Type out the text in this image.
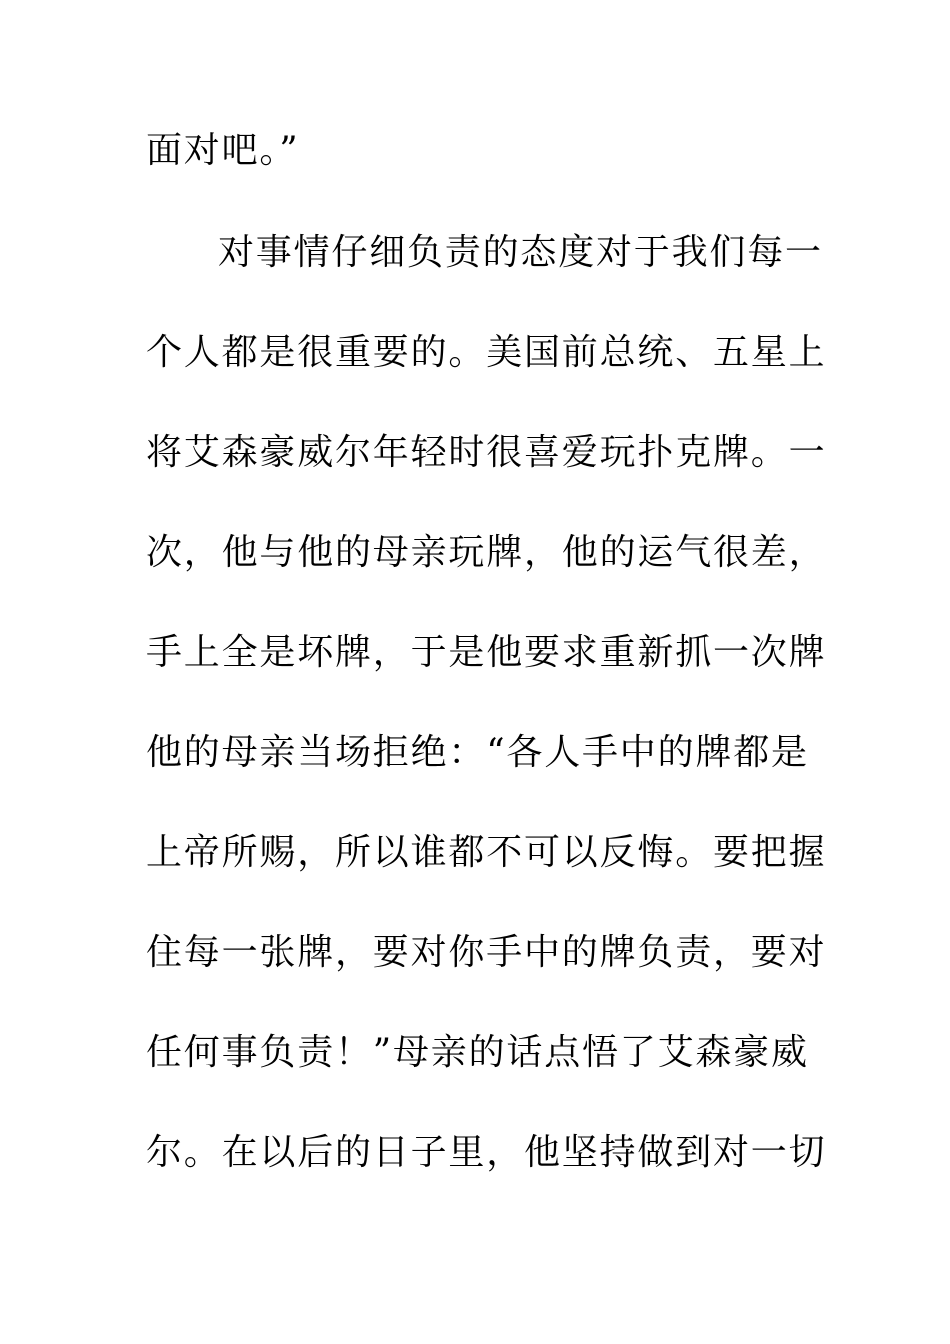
面对吧。”
对事情仔细负责的态度对于我们每一
个人都是很重要的。美国前总统、五星上
将艾森豪威尔年轻时很喜爱玩扑克牌。一
次，他与他的母亲玩牌，他的运气很差，
手上全是坏牌，于是他要求重新抓一次牌
他的母亲当场拒绝：“各人手中的牌都是
上帝所赐，所以谁都不可以反悔。要把握
住每一张牌，要对你手中的牌负责，要对
任何事负责！”母亲的话点悟了艾森豪威
尔。在以后的日子里，他坚持做到对一切
